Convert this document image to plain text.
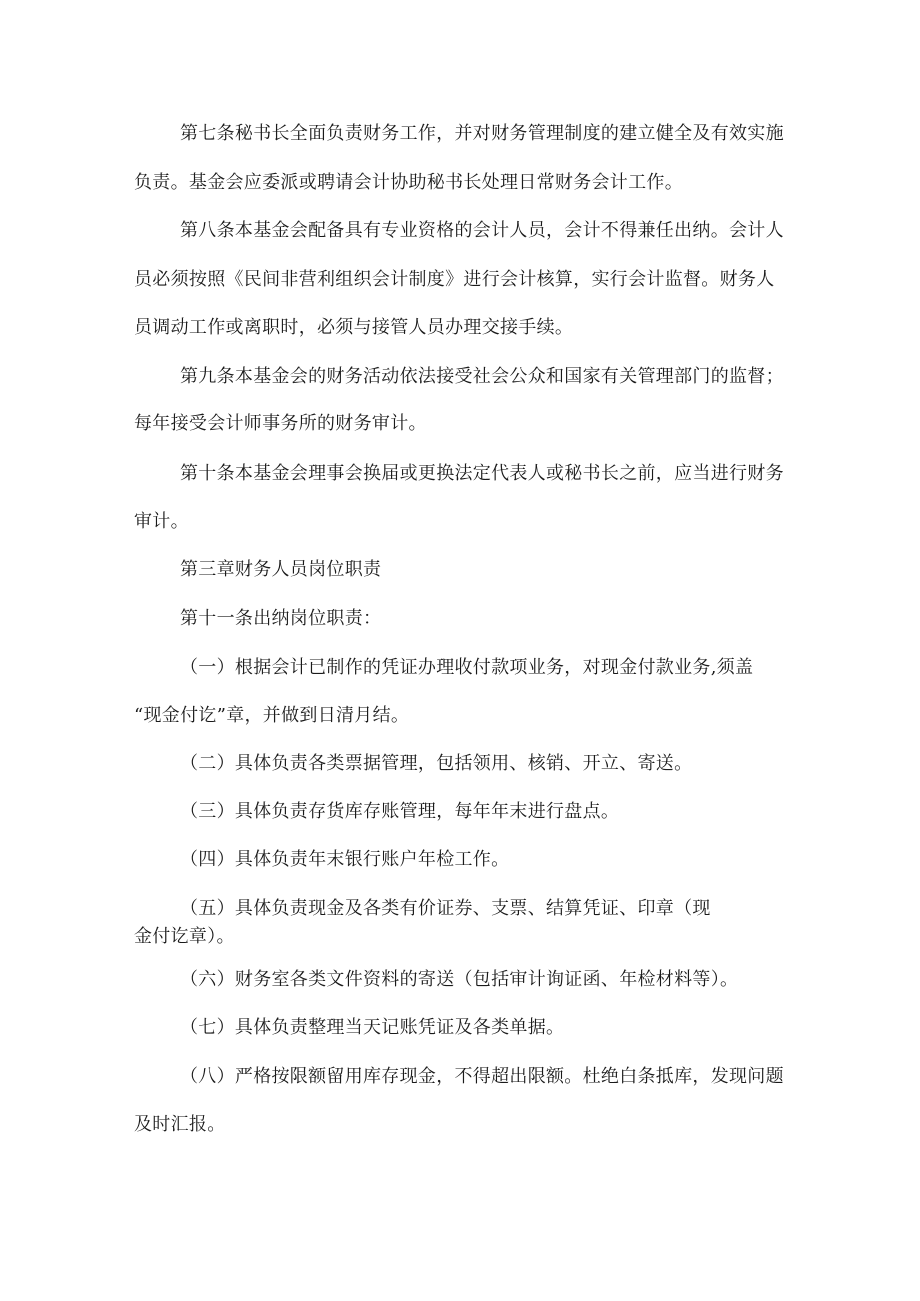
第七条秘书长全面负责财务工作，并对财务管理制度的建立健全及有效实施
负责。基金会应委派或聘请会计协助秘书长处理日常财务会计工作。
第八条本基金会配备具有专业资格的会计人员，会计不得兼任出纳。会计人
员必须按照《民间非营利组织会计制度》进行会计核算，实行会计监督。财务人
员调动工作或离职时，必须与接管人员办理交接手续。
第九条本基金会的财务活动依法接受社会公众和国家有关管理部门的监督；
每年接受会计师事务所的财务审计。
第十条本基金会理事会换届或更换法定代表人或秘书长之前，应当进行财务
审计。
第三章财务人员岗位职责
第十一条出纳岗位职责：
（一）根据会计已制作的凭证办理收付款项业务，对现金付款业务,须盖
“现金付讫”章，并做到日清月结。
（二）具体负责各类票据管理，包括领用、核销、开立、寄送。
（三）具体负责存货库存账管理，每年年末进行盘点。
（四）具体负责年末银行账户年检工作。
（五）具体负责现金及各类有价证券、支票、结算凭证、印章（现
金付讫章）。
（六）财务室各类文件资料的寄送（包括审计询证函、年检材料等）。
（七）具体负责整理当天记账凭证及各类单据。
（八）严格按限额留用库存现金，不得超出限额。杜绝白条抵库，发现问题
及时汇报。
